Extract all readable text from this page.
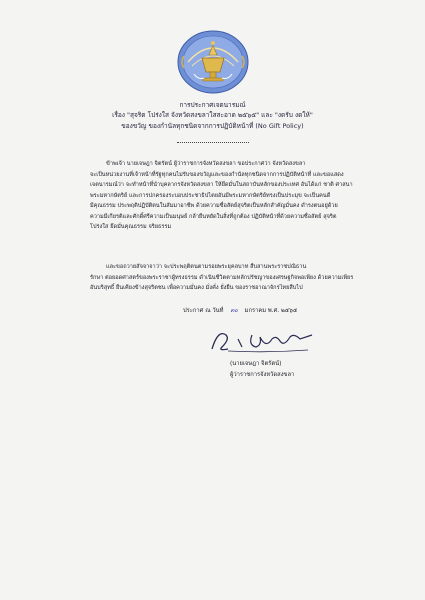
การประกาศเจตนารมณ์
เรื่อง "สุจริต โปร่งใส จังหวัดสงขลาใสสะอาด ๒๕๖๕" และ "งดรับ งดให้"
ของขวัญ ของกำนัลทุกชนิดจากการปฏิบัติหน้าที่ (No Gift Policy)
ข้าพเจ้า นายเจษฎา จิตรัตน์ ผู้ว่าราชการจังหวัดสงขลา ขอประกาศว่า จังหวัดสงขลา
จะเป็นหน่วยงานที่เจ้าหน้าที่รัฐทุกคนไม่รับของขวัญและของกำนัลทุกชนิดจากการปฏิบัติหน้าที่ และขอแสดง
เจตนารมณ์ว่า จะทำหน้าที่นำบุคลากรจังหวัดสงขลา ให้ยึดมั่นในสถาบันหลักของประเทศ อันได้แก่ ชาติ ศาสนา
พระมหากษัตริย์ และการปกครองระบอบประชาธิปไตยอันมีพระมหากษัตริย์ทรงเป็นประมุข จะเป็นคนดี
มีคุณธรรม ประพฤติปฏิบัติตนในสัมมาอาชีพ ด้วยความซื่อสัตย์สุจริตเป็นหลักสำคัญมั่นคง ดำรงตนอยู่ด้วย
ความมีเกียรติและศักดิ์ศรีความเป็นมนุษย์ กล้ายืนหยัดในสิ่งที่ถูกต้อง ปฏิบัติหน้าที่ด้วยความซื่อสัตย์ สุจริต
โปร่งใส ยึดมั่นคุณธรรม จริยธรรม
และขอถวายสัจจาจาว่า จะประพฤติตนตามรอยพระยุคลบาท สืบสานพระราชปณิธาน
รักษา ต่อยอดศาสตร์ของพระราชาผู้ทรงธรรม ดำเนินชีวิตตามหลักปรัชญาของเศรษฐกิจพอเพียง ด้วยความเพียร
อันบริสุทธิ์ ยืนเคียงข้างสุจริตชน เพื่อความมั่นคง มั่งคั่ง ยั่งยืน ของราชอาณาจักรไทยสืบไป
ประกาศ ณ วันที่ ๓๐ มกราคม พ.ศ. ๒๕๖๕
(นายเจษฎา จิตรัตน์)
ผู้ว่าราชการจังหวัดสงขลา
